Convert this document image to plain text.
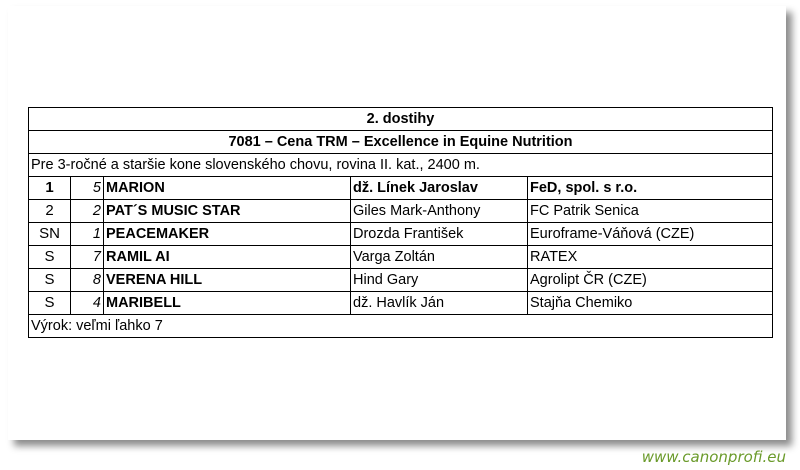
2. dostihy				
7081 – Cena TRM – Excellence in Equine Nutrition				
Pre 3-ročné a staršie kone slovenského chovu, rovina II. kat., 2400 m.				
1	5	MARION	dž. Línek Jaroslav	FeD, spol. s r.o.
2	2	PAT´S MUSIC STAR	Giles Mark-Anthony	FC Patrik Senica
SN	1	PEACEMAKER	Drozda František	Euroframe-Váňová (CZE)
S	7	RAMIL AI	Varga Zoltán	RATEX
S	8	VERENA HILL	Hind Gary	Agrolipt ČR (CZE)
S	4	MARIBELL	dž. Havlík Ján	Stajňa Chemiko
Výrok: veľmi ľahko 7				
www.canonprofi.eu
